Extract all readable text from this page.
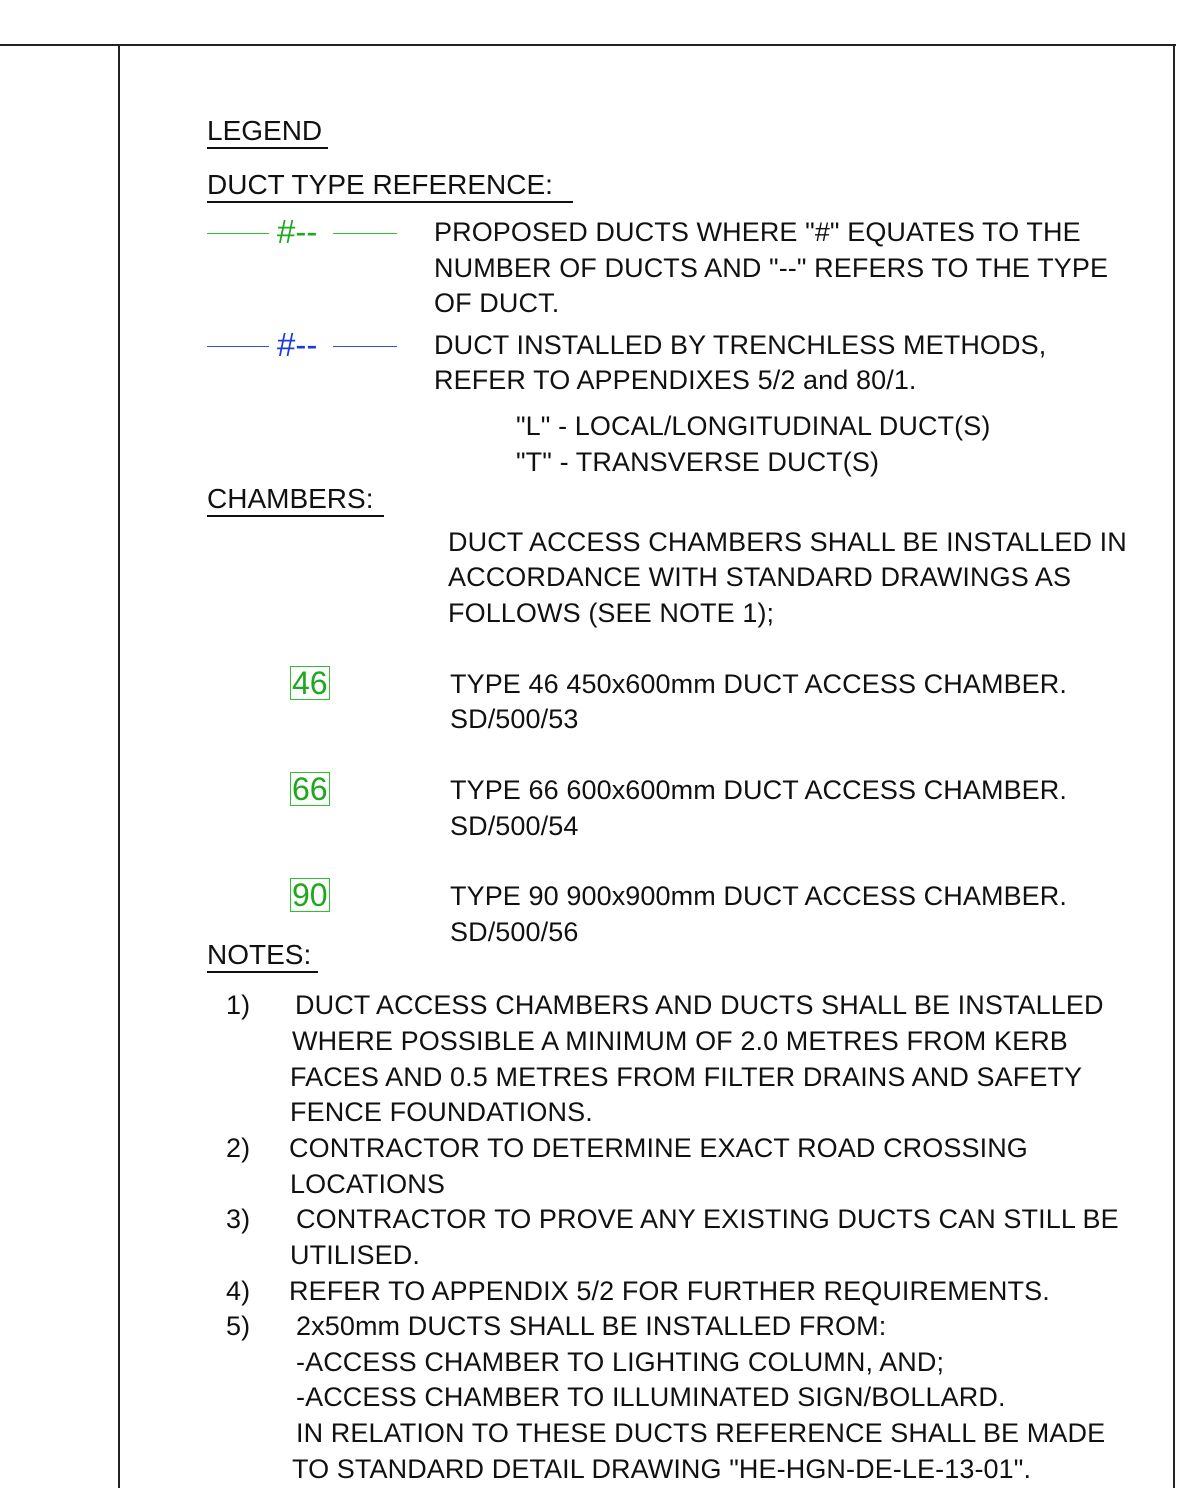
LEGEND
DUCT TYPE REFERENCE:
#--	PROPOSED DUCTS WHERE "#" EQUATES TO THE
NUMBER OF DUCTS AND "--" REFERS TO THE TYPE
OF DUCT.
#--	DUCT INSTALLED BY TRENCHLESS METHODS,
REFER TO APPENDIXES 5/2 and 80/1.
"L" - LOCAL/LONGITUDINAL DUCT(S)
"T" - TRANSVERSE DUCT(S)
CHAMBERS:
DUCT ACCESS CHAMBERS SHALL BE INSTALLED IN
ACCORDANCE WITH STANDARD DRAWINGS AS
FOLLOWS (SEE NOTE 1);
46	TYPE 46 450x600mm DUCT ACCESS CHAMBER.
SD/500/53
66	TYPE 66 600x600mm DUCT ACCESS CHAMBER.
SD/500/54
90	TYPE 90 900x900mm DUCT ACCESS CHAMBER.
SD/500/56
NOTES:
1) DUCT ACCESS CHAMBERS AND DUCTS SHALL BE INSTALLED
WHERE POSSIBLE A MINIMUM OF 2.0 METRES FROM KERB
FACES AND 0.5 METRES FROM FILTER DRAINS AND SAFETY
FENCE FOUNDATIONS.
2) CONTRACTOR TO DETERMINE EXACT ROAD CROSSING
LOCATIONS
3) CONTRACTOR TO PROVE ANY EXISTING DUCTS CAN STILL BE
UTILISED.
4) REFER TO APPENDIX 5/2 FOR FURTHER REQUIREMENTS.
5) 2x50mm DUCTS SHALL BE INSTALLED FROM:
-ACCESS CHAMBER TO LIGHTING COLUMN, AND;
-ACCESS CHAMBER TO ILLUMINATED SIGN/BOLLARD.
IN RELATION TO THESE DUCTS REFERENCE SHALL BE MADE
TO STANDARD DETAIL DRAWING "HE-HGN-DE-LE-13-01".
